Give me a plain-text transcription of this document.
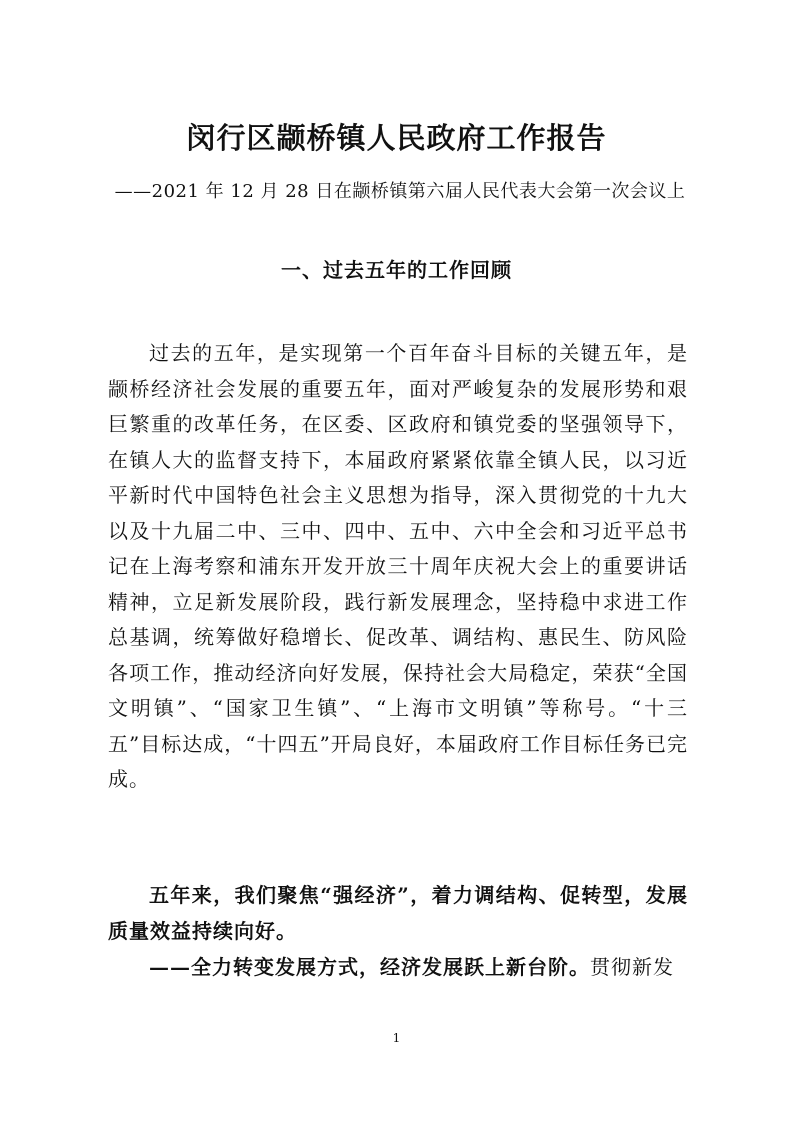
闵行区颛桥镇人民政府工作报告

——2021 年 12 月 28 日在颛桥镇第六届人民代表大会第一次会议上

一、过去五年的工作回顾

过去的五年，是实现第一个百年奋斗目标的关键五年，是颛桥经济社会发展的重要五年，面对严峻复杂的发展形势和艰巨繁重的改革任务，在区委、区政府和镇党委的坚强领导下，在镇人大的监督支持下，本届政府紧紧依靠全镇人民，以习近平新时代中国特色社会主义思想为指导，深入贯彻党的十九大以及十九届二中、三中、四中、五中、六中全会和习近平总书记在上海考察和浦东开发开放三十周年庆祝大会上的重要讲话精神，立足新发展阶段，践行新发展理念，坚持稳中求进工作总基调，统筹做好稳增长、促改革、调结构、惠民生、防风险各项工作，推动经济向好发展，保持社会大局稳定，荣获“全国文明镇”、“国家卫生镇”、“上海市文明镇”等称号。“十三五”目标达成，“十四五”开局良好，本届政府工作目标任务已完成。

五年来，我们聚焦“强经济”，着力调结构、促转型，发展质量效益持续向好。

——全力转变发展方式，经济发展跃上新台阶。贯彻新发

1
